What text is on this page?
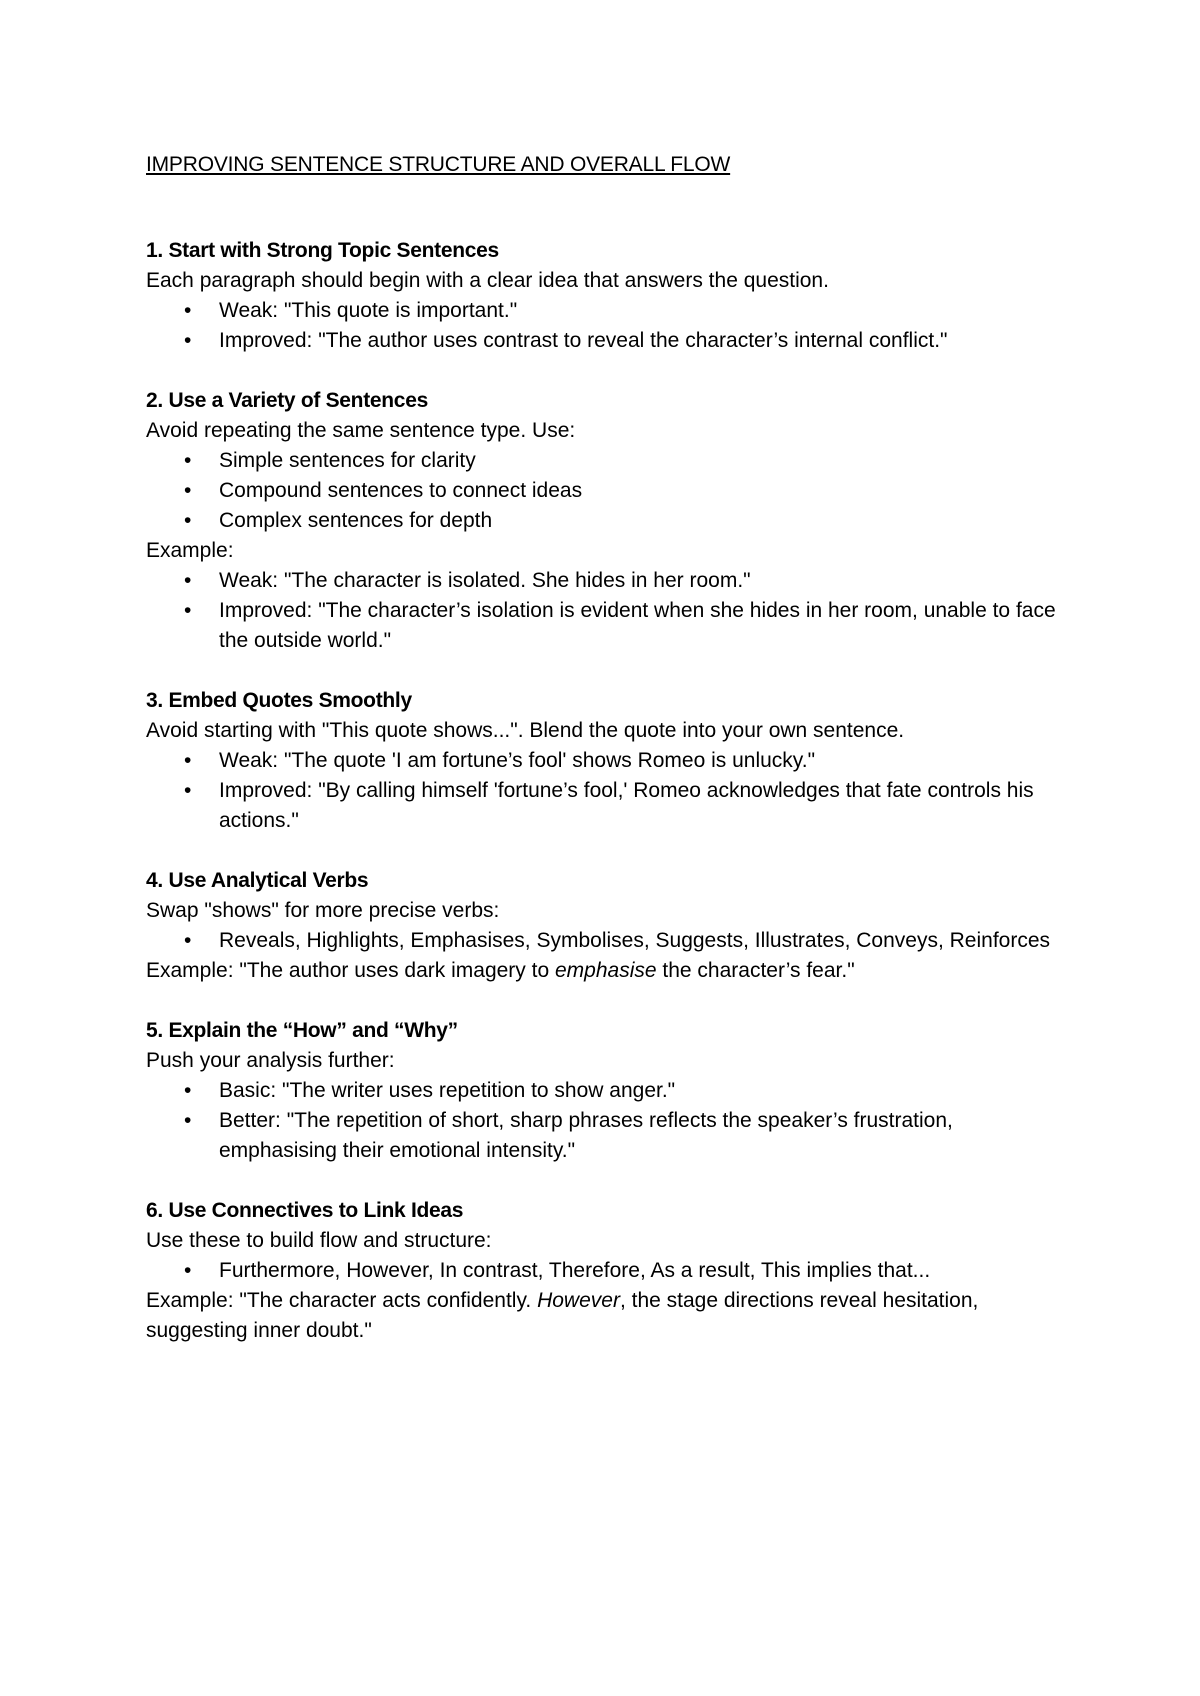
IMPROVING SENTENCE STRUCTURE AND OVERALL FLOW
1. Start with Strong Topic Sentences

Each paragraph should begin with a clear idea that answers the question.

• Weak: "This quote is important."
• Improved: "The author uses contrast to reveal the character’s internal conflict."
2. Use a Variety of Sentences

Avoid repeating the same sentence type. Use:

• Simple sentences for clarity
• Compound sentences to connect ideas
• Complex sentences for depth

Example:

• Weak: "The character is isolated. She hides in her room."
• Improved: "The character’s isolation is evident when she hides in her room, unable to face the outside world."
3. Embed Quotes Smoothly

Avoid starting with "This quote shows...". Blend the quote into your own sentence.

• Weak: "The quote 'I am fortune’s fool' shows Romeo is unlucky."
• Improved: "By calling himself 'fortune’s fool,' Romeo acknowledges that fate controls his actions."
4. Use Analytical Verbs

Swap "shows" for more precise verbs:

• Reveals, Highlights, Emphasises, Symbolises, Suggests, Illustrates, Conveys, Reinforces

Example: "The author uses dark imagery to emphasise the character’s fear."

5. Explain the “How” and “Why”

Push your analysis further:

• Basic: "The writer uses repetition to show anger."
• Better: "The repetition of short, sharp phrases reflects the speaker’s frustration, emphasising their emotional intensity."
6. Use Connectives to Link Ideas

Use these to build flow and structure:

• Furthermore, However, In contrast, Therefore, As a result, This implies that...

Example: "The character acts confidently. However, the stage directions reveal hesitation, suggesting inner doubt."
